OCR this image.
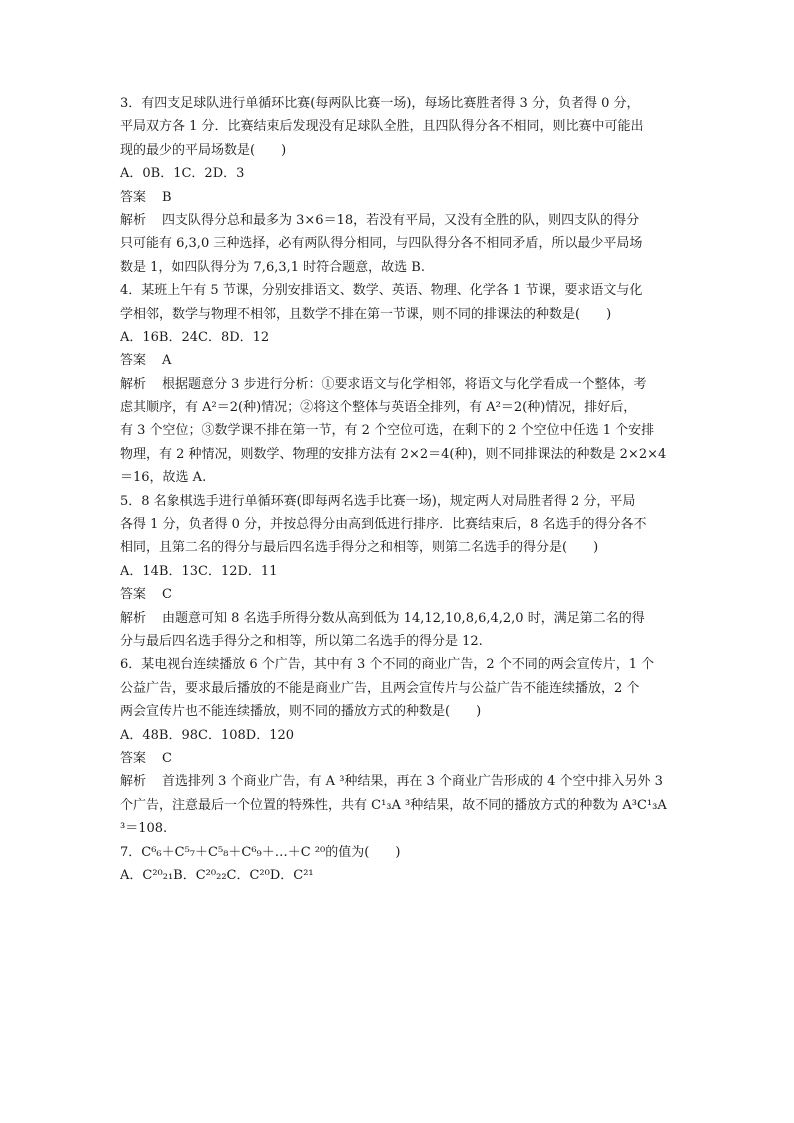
3．有四支足球队进行单循环比赛(每两队比赛一场)，每场比赛胜者得 3 分，负者得 0 分，

平局双方各 1 分．比赛结束后发现没有足球队全胜，且四队得分各不相同，则比赛中可能出

现的最少的平局场数是(　　)

A．0B．1C．2D．3

答案 B

解析 四支队得分总和最多为 3×6＝18，若没有平局，又没有全胜的队，则四支队的得分

只可能有 6,3,0 三种选择，必有两队得分相同，与四队得分各不相同矛盾，所以最少平局场

数是 1，如四队得分为 7,6,3,1 时符合题意，故选 B.

4．某班上午有 5 节课，分别安排语文、数学、英语、物理、化学各 1 节课，要求语文与化

学相邻，数学与物理不相邻，且数学不排在第一节课，则不同的排课法的种数是(　　)

A．16B．24C．8D．12

答案 A

解析 根据题意分 3 步进行分析：①要求语文与化学相邻，将语文与化学看成一个整体，考

虑其顺序，有 A²＝2(种)情况；②将这个整体与英语全排列，有 A²＝2(种)情况，排好后，

有 3 个空位；③数学课不排在第一节，有 2 个空位可选，在剩下的 2 个空位中任选 1 个安排

物理，有 2 种情况，则数学、物理的安排方法有 2×2＝4(种)，则不同排课法的种数是 2×2×4

＝16，故选 A.

5．8 名象棋选手进行单循环赛(即每两名选手比赛一场)，规定两人对局胜者得 2 分，平局

各得 1 分，负者得 0 分，并按总得分由高到低进行排序．比赛结束后，8 名选手的得分各不

相同，且第二名的得分与最后四名选手得分之和相等，则第二名选手的得分是(　　)

A．14B．13C．12D．11

答案 C

解析 由题意可知 8 名选手所得分数从高到低为 14,12,10,8,6,4,2,0 时，满足第二名的得

分与最后四名选手得分之和相等，所以第二名选手的得分是 12.

6．某电视台连续播放 6 个广告，其中有 3 个不同的商业广告，2 个不同的两会宣传片，1 个

公益广告，要求最后播放的不能是商业广告，且两会宣传片与公益广告不能连续播放，2 个

两会宣传片也不能连续播放，则不同的播放方式的种数是(　　)

A．48B．98C．108D．120

答案 C

解析 首选排列 3 个商业广告，有 A ³种结果，再在 3 个商业广告形成的 4 个空中排入另外 3

个广告，注意最后一个位置的特殊性，共有 C¹₃A ³种结果，故不同的播放方式的种数为 A³C¹₃A

³＝108.

7．C⁶₆＋C⁵₇＋C⁵₈＋C⁶₉＋…＋C ²⁰的值为(　　)

A．C²⁰₂₁B．C²⁰₂₂C．C²⁰D．C²¹
